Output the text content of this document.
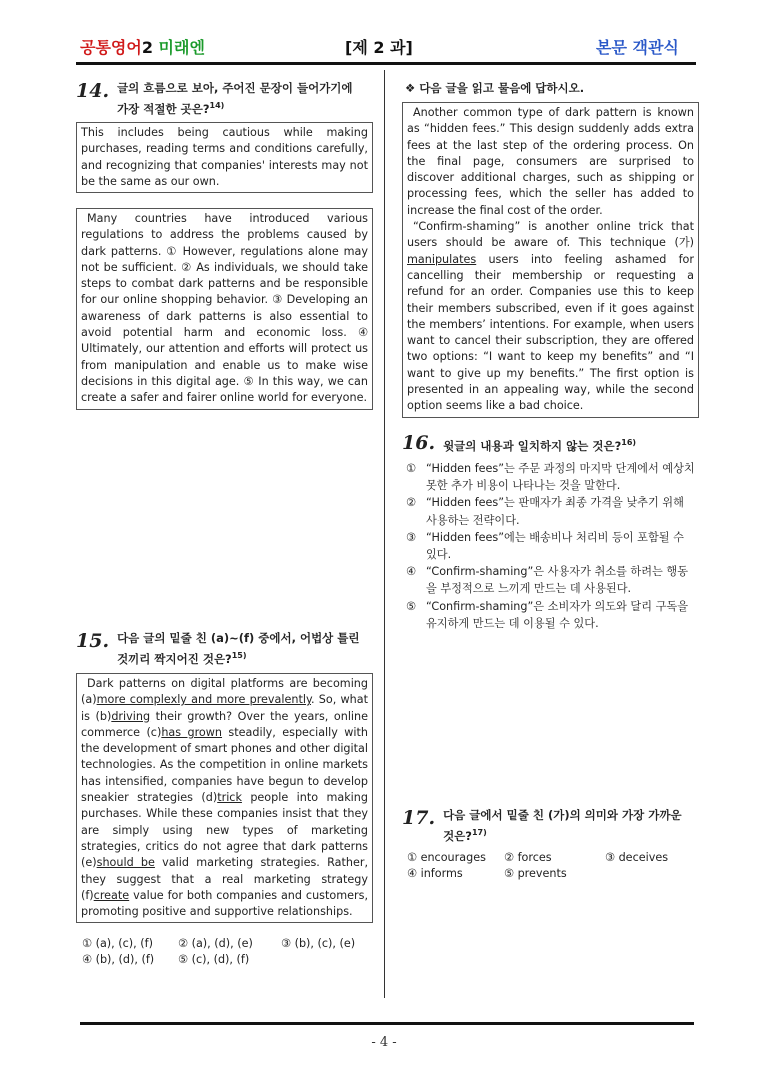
공통영어2 미래엔	[제 2 과]	본문 객관식
14. 글의 흐름으로 보아, 주어진 문장이 들어가기에
가장 적절한 곳은?$^{14)}$
This includes being cautious while making purchases, reading terms and conditions carefully, and recognizing that companies' interests may not be the same as our own.

Many countries have introduced various regulations to address the problems caused by dark patterns. ① However, regulations alone may not be sufficient. ② As individuals, we should take steps to combat dark patterns and be responsible for our online shopping behavior. ③ Developing an awareness of dark patterns is also essential to avoid potential harm and economic loss. ④ Ultimately, our attention and efforts will protect us from manipulation and enable us to make wise decisions in this digital age. ⑤ In this way, we can create a safer and fairer online world for everyone.

15. 다음 글의 밑줄 친 (a)~(f) 중에서, 어법상 틀린
것끼리 짝지어진 것은?$^{15)}$

Dark patterns on digital platforms are becoming (a)more complexly and more prevalently. So, what is (b)driving their growth? Over the years, online commerce (c)has grown steadily, especially with the development of smart phones and other digital technologies. As the competition in online markets has intensified, companies have begun to develop sneakier strategies (d)trick people into making purchases. While these companies insist that they are simply using new types of marketing strategies, critics do not agree that dark patterns (e)should be valid marketing strategies. Rather, they suggest that a real marketing strategy (f)create value for both companies and customers, promoting positive and supportive relationships.

① (a), (c), (f)	② (a), (d), (e)	③ (b), (c), (e)
④ (b), (d), (f)	⑤ (c), (d), (f)
❖ 다음 글을 읽고 물음에 답하시오.

Another common type of dark pattern is known as “hidden fees.” This design suddenly adds extra fees at the last step of the ordering process. On the final page, consumers are surprised to discover additional charges, such as shipping or processing fees, which the seller has added to increase the final cost of the order.

“Confirm-shaming” is another online trick that users should be aware of. This technique (가) manipulates users into feeling ashamed for cancelling their membership or requesting a refund for an order. Companies use this to keep their members subscribed, even if it goes against the members’ intentions. For example, when users want to cancel their subscription, they are offered two options: “I want to keep my benefits” and “I want to give up my benefits.” The first option is presented in an appealing way, while the second option seems like a bad choice.

16. 윗글의 내용과 일치하지 않는 것은?$^{16)}$
① “Hidden fees”는 주문 과정의 마지막 단계에서 예상치 못한 추가 비용이 나타나는 것을 말한다.
② “Hidden fees”는 판매자가 최종 가격을 낮추기 위해 사용하는 전략이다.
③ “Hidden fees”에는 배송비나 처리비 등이 포함될 수 있다.
④ “Confirm-shaming”은 사용자가 취소를 하려는 행동을 부정적으로 느끼게 만드는 데 사용된다.
⑤ “Confirm-shaming”은 소비자가 의도와 달리 구독을 유지하게 만드는 데 이용될 수 있다.
17. 다음 글에서 밑줄 친 (가)의 의미와 가장 가까운
것은?$^{17)}$
① encourages	② forces	③ deceives
④ informs	⑤ prevents
- 4 -
